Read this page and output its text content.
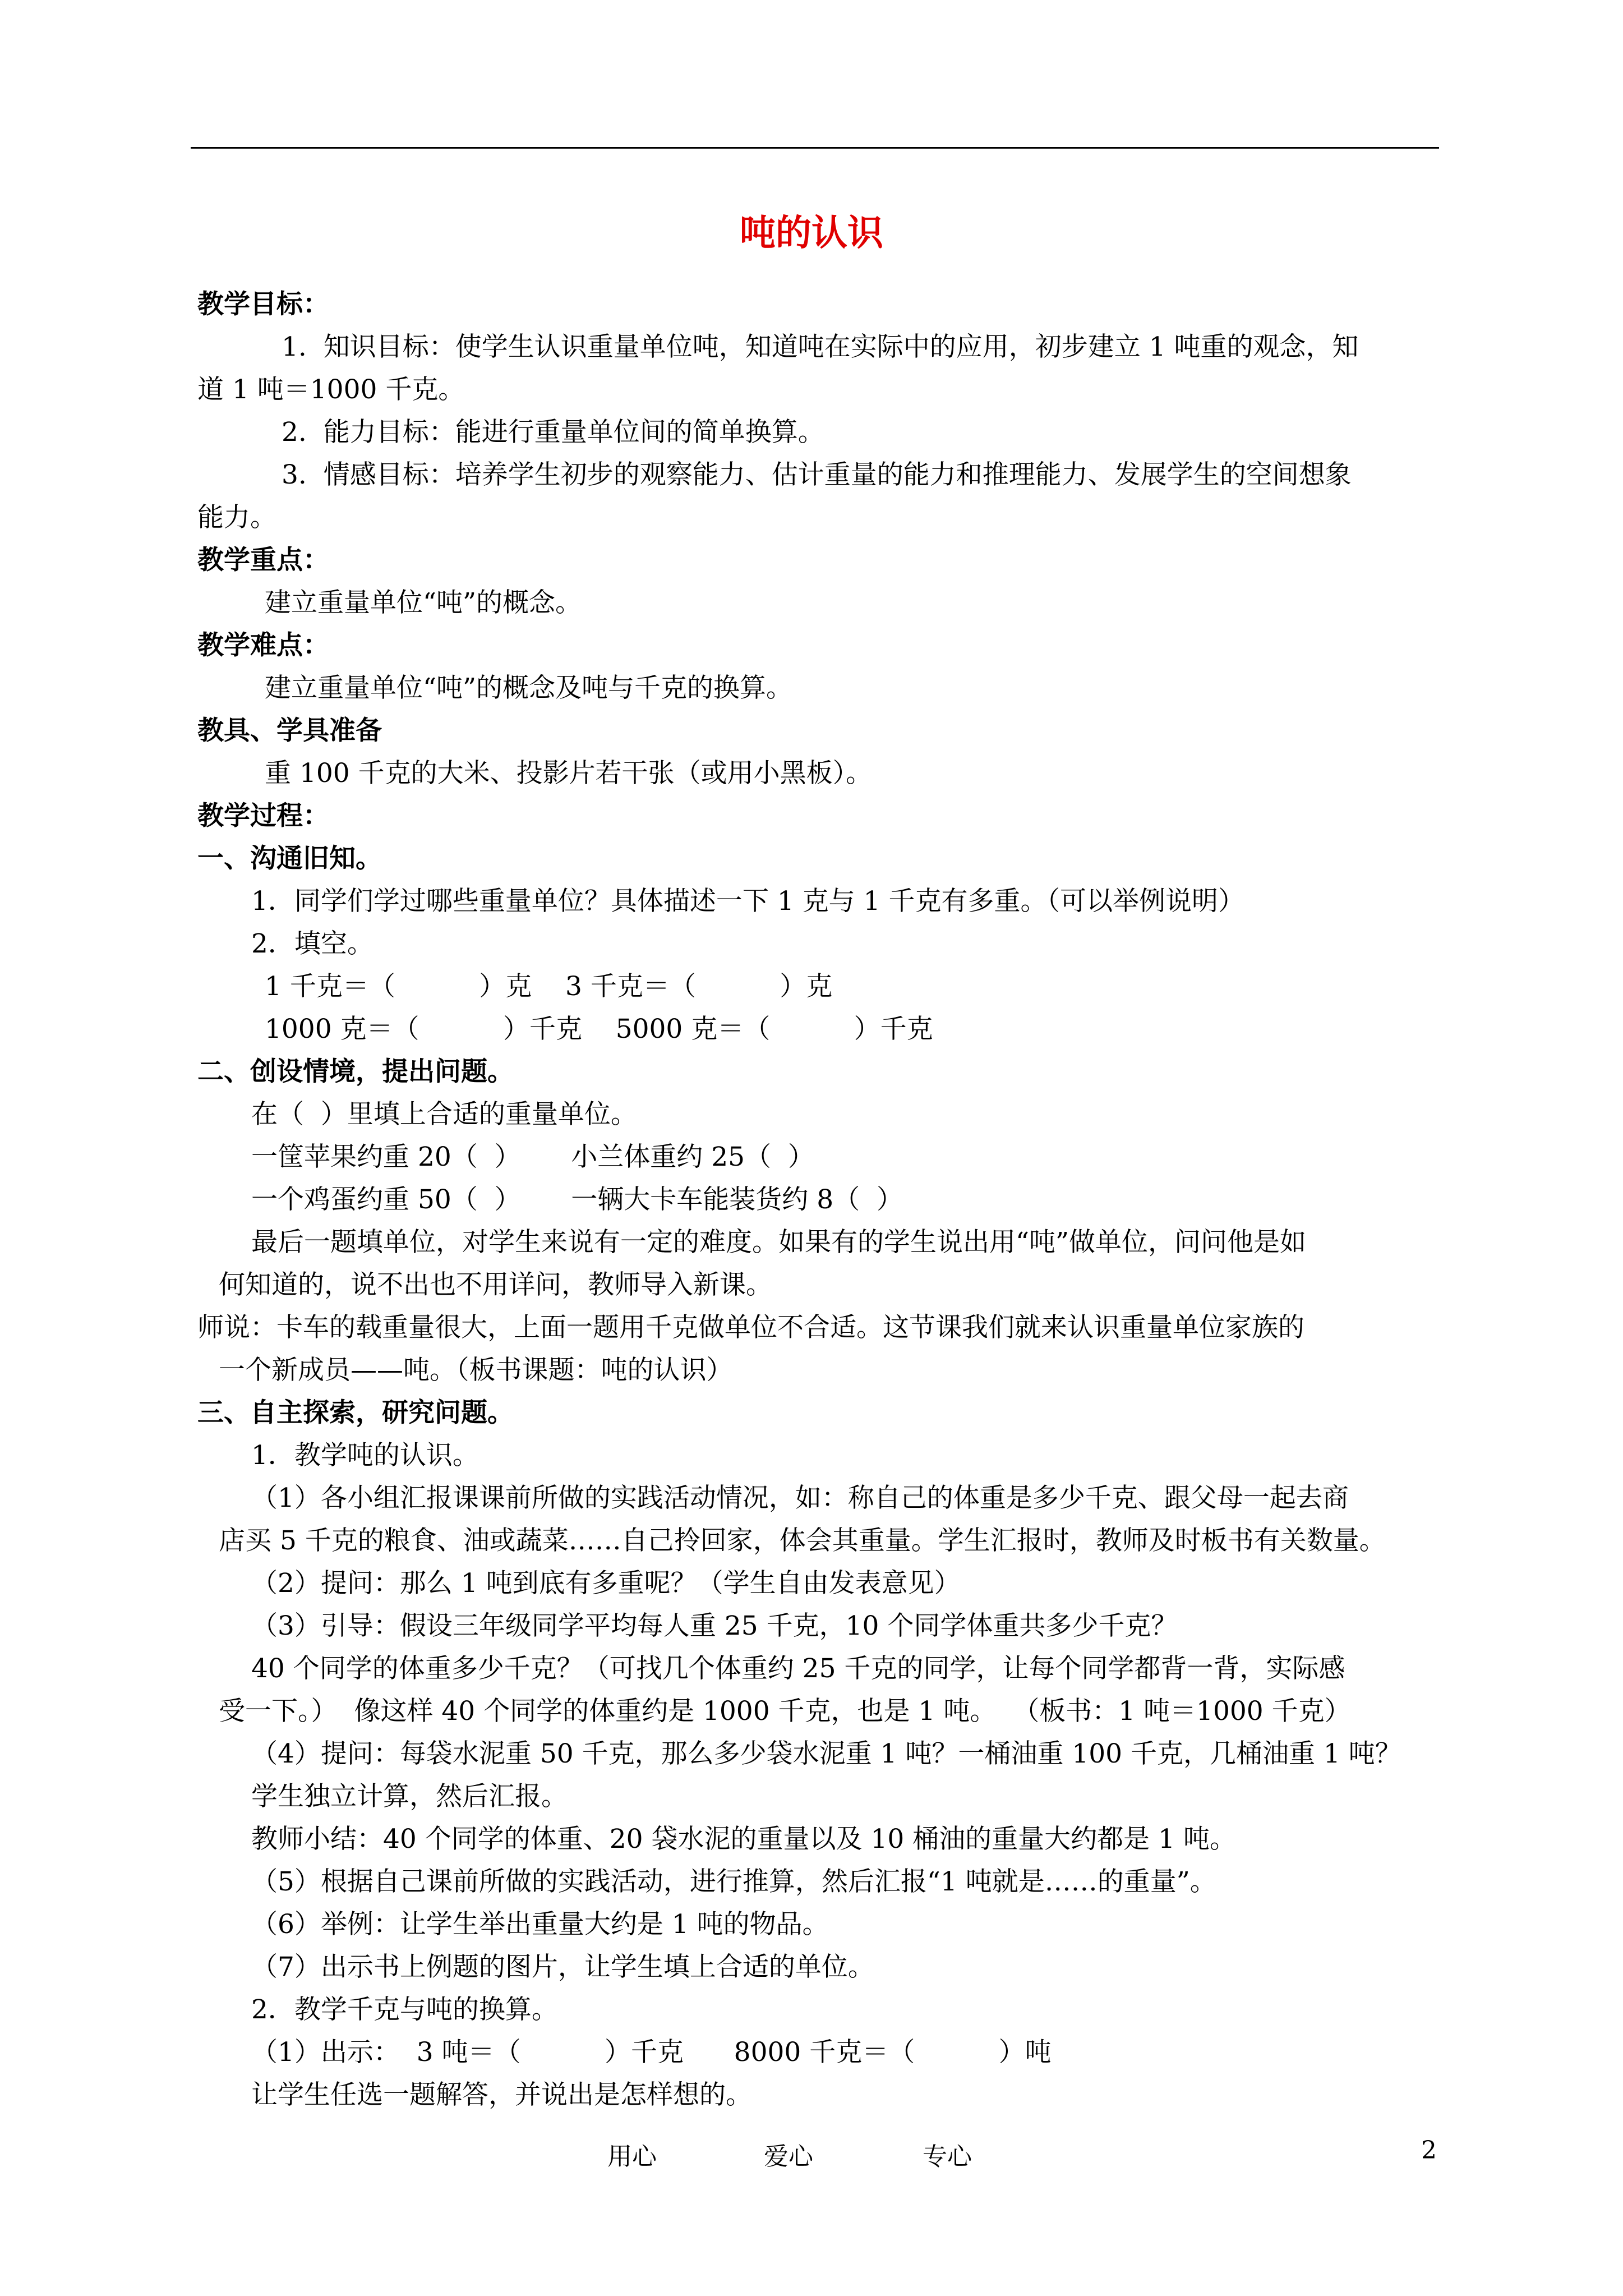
吨的认识

教学目标：

1.  知识目标：使学生认识重量单位吨，知道吨在实际中的应用，初步建立 1 吨重的观念，知

道 1 吨＝1000 千克。

2.  能力目标：能进行重量单位间的简单换算。

3.  情感目标：培养学生初步的观察能力、估计重量的能力和推理能力、发展学生的空间想象

能力。

教学重点：

建立重量单位“吨”的概念。

教学难点：

建立重量单位“吨”的概念及吨与千克的换算。

教具、学具准备

重 100 千克的大米、投影片若干张（或用小黑板）。

教学过程：

一、沟通旧知。

1．同学们学过哪些重量单位？具体描述一下 1 克与 1 千克有多重。（可以举例说明）

2．填空。

1 千克＝（          ）克    3 千克＝（          ）克

1000 克＝（          ）千克    5000 克＝（          ）千克

二、创设情境，提出问题。

在（  ）里填上合适的重量单位。

一筐苹果约重 20（  ）      小兰体重约 25（  ）

一个鸡蛋约重 50（  ）      一辆大卡车能装货约 8（  ）

最后一题填单位，对学生来说有一定的难度。如果有的学生说出用“吨”做单位，问问他是如

何知道的，说不出也不用详问，教师导入新课。

师说：卡车的载重量很大，上面一题用千克做单位不合适。这节课我们就来认识重量单位家族的

一个新成员——吨。（板书课题：吨的认识）

三、自主探索，研究问题。

1．教学吨的认识。

（1）各小组汇报课课前所做的实践活动情况，如：称自己的体重是多少千克、跟父母一起去商

店买 5 千克的粮食、油或蔬菜……自己拎回家，体会其重量。学生汇报时，教师及时板书有关数量。

（2）提问：那么 1 吨到底有多重呢？（学生自由发表意见）

（3）引导：假设三年级同学平均每人重 25 千克，10 个同学体重共多少千克？

40 个同学的体重多少千克？（可找几个体重约 25 千克的同学，让每个同学都背一背，实际感

受一下。）  像这样 40 个同学的体重约是 1000 千克，也是 1 吨。  （板书：1 吨＝1000 千克）

（4）提问：每袋水泥重 50 千克，那么多少袋水泥重 1 吨？一桶油重 100 千克，几桶油重 1 吨？

学生独立计算，然后汇报。

教师小结：40 个同学的体重、20 袋水泥的重量以及 10 桶油的重量大约都是 1 吨。

（5）根据自己课前所做的实践活动，进行推算，然后汇报“1 吨就是……的重量”。

（6）举例：让学生举出重量大约是 1 吨的物品。

（7）出示书上例题的图片，让学生填上合适的单位。

2．教学千克与吨的换算。

（1）出示：  3 吨＝（          ）千克      8000 千克＝（          ）吨

让学生任选一题解答，并说出是怎样想的。

用心	爱心	专心	2
